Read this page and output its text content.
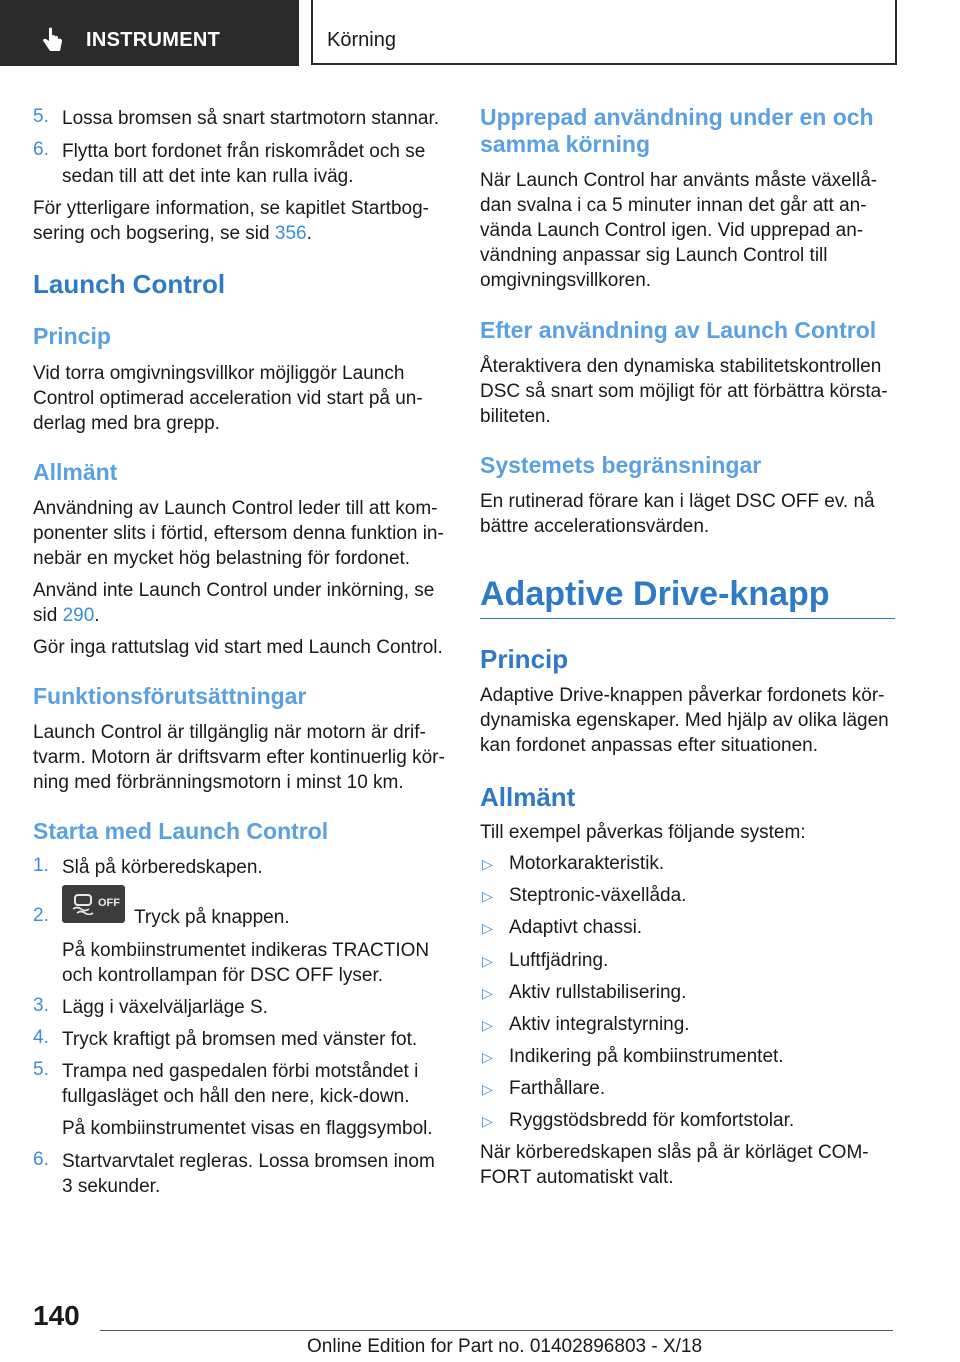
INSTRUMENT	Körning
5. Lossa bromsen så snart startmotorn stannar.
6. Flytta bort fordonet från riskområdet och se
sedan till att det inte kan rulla iväg.
För ytterligare information, se kapitlet Startbog-
sering och bogsering, se sid 356.
Launch Control
Princip
Vid torra omgivningsvillkor möjliggör Launch
Control optimerad acceleration vid start på un-
derlag med bra grepp.
Allmänt
Användning av Launch Control leder till att kom-
ponenter slits i förtid, eftersom denna funktion in-
nebär en mycket hög belastning för fordonet.
Använd inte Launch Control under inkörning, se
sid 290.
Gör inga rattutslag vid start med Launch Control.
Funktionsförutsättningar
Launch Control är tillgänglig när motorn är drif-
tvarm. Motorn är driftsvarm efter kontinuerlig kör-
ning med förbränningsmotorn i minst 10 km.
Starta med Launch Control
1. Slå på körberedskapen.
2.
OFF
Tryck på knappen.
På kombiinstrumentet indikeras TRACTION
och kontrollampan för DSC OFF lyser.
3. Lägg i växelväljarläge S.
4. Tryck kraftigt på bromsen med vänster fot.
5. Trampa ned gaspedalen förbi motståndet i
fullgasläget och håll den nere, kick-down.
På kombiinstrumentet visas en flaggsymbol.
6. Startvarvtalet regleras. Lossa bromsen inom
3 sekunder.
Upprepad användning under en och
samma körning
När Launch Control har använts måste växellå-
dan svalna i ca 5 minuter innan det går att an-
vända Launch Control igen. Vid upprepad an-
vändning anpassar sig Launch Control till
omgivningsvillkoren.
Efter användning av Launch Control
Återaktivera den dynamiska stabilitetskontrollen
DSC så snart som möjligt för att förbättra körsta-
biliteten.
Systemets begränsningar
En rutinerad förare kan i läget DSC OFF ev. nå
bättre accelerationsvärden.
Adaptive Drive-knapp
Princip
Adaptive Drive-knappen påverkar fordonets kör-
dynamiska egenskaper. Med hjälp av olika lägen
kan fordonet anpassas efter situationen.
Allmänt
Till exempel påverkas följande system:
▷ Motorkarakteristik.
▷ Steptronic-växellåda.
▷ Adaptivt chassi.
▷ Luftfjädring.
▷ Aktiv rullstabilisering.
▷ Aktiv integralstyrning.
▷ Indikering på kombiinstrumentet.
▷ Farthållare.
▷ Ryggstödsbredd för komfortstolar.
När körberedskapen slås på är körläget COM-
FORT automatiskt valt.
140
Online Edition for Part no. 01402896803 - X/18
